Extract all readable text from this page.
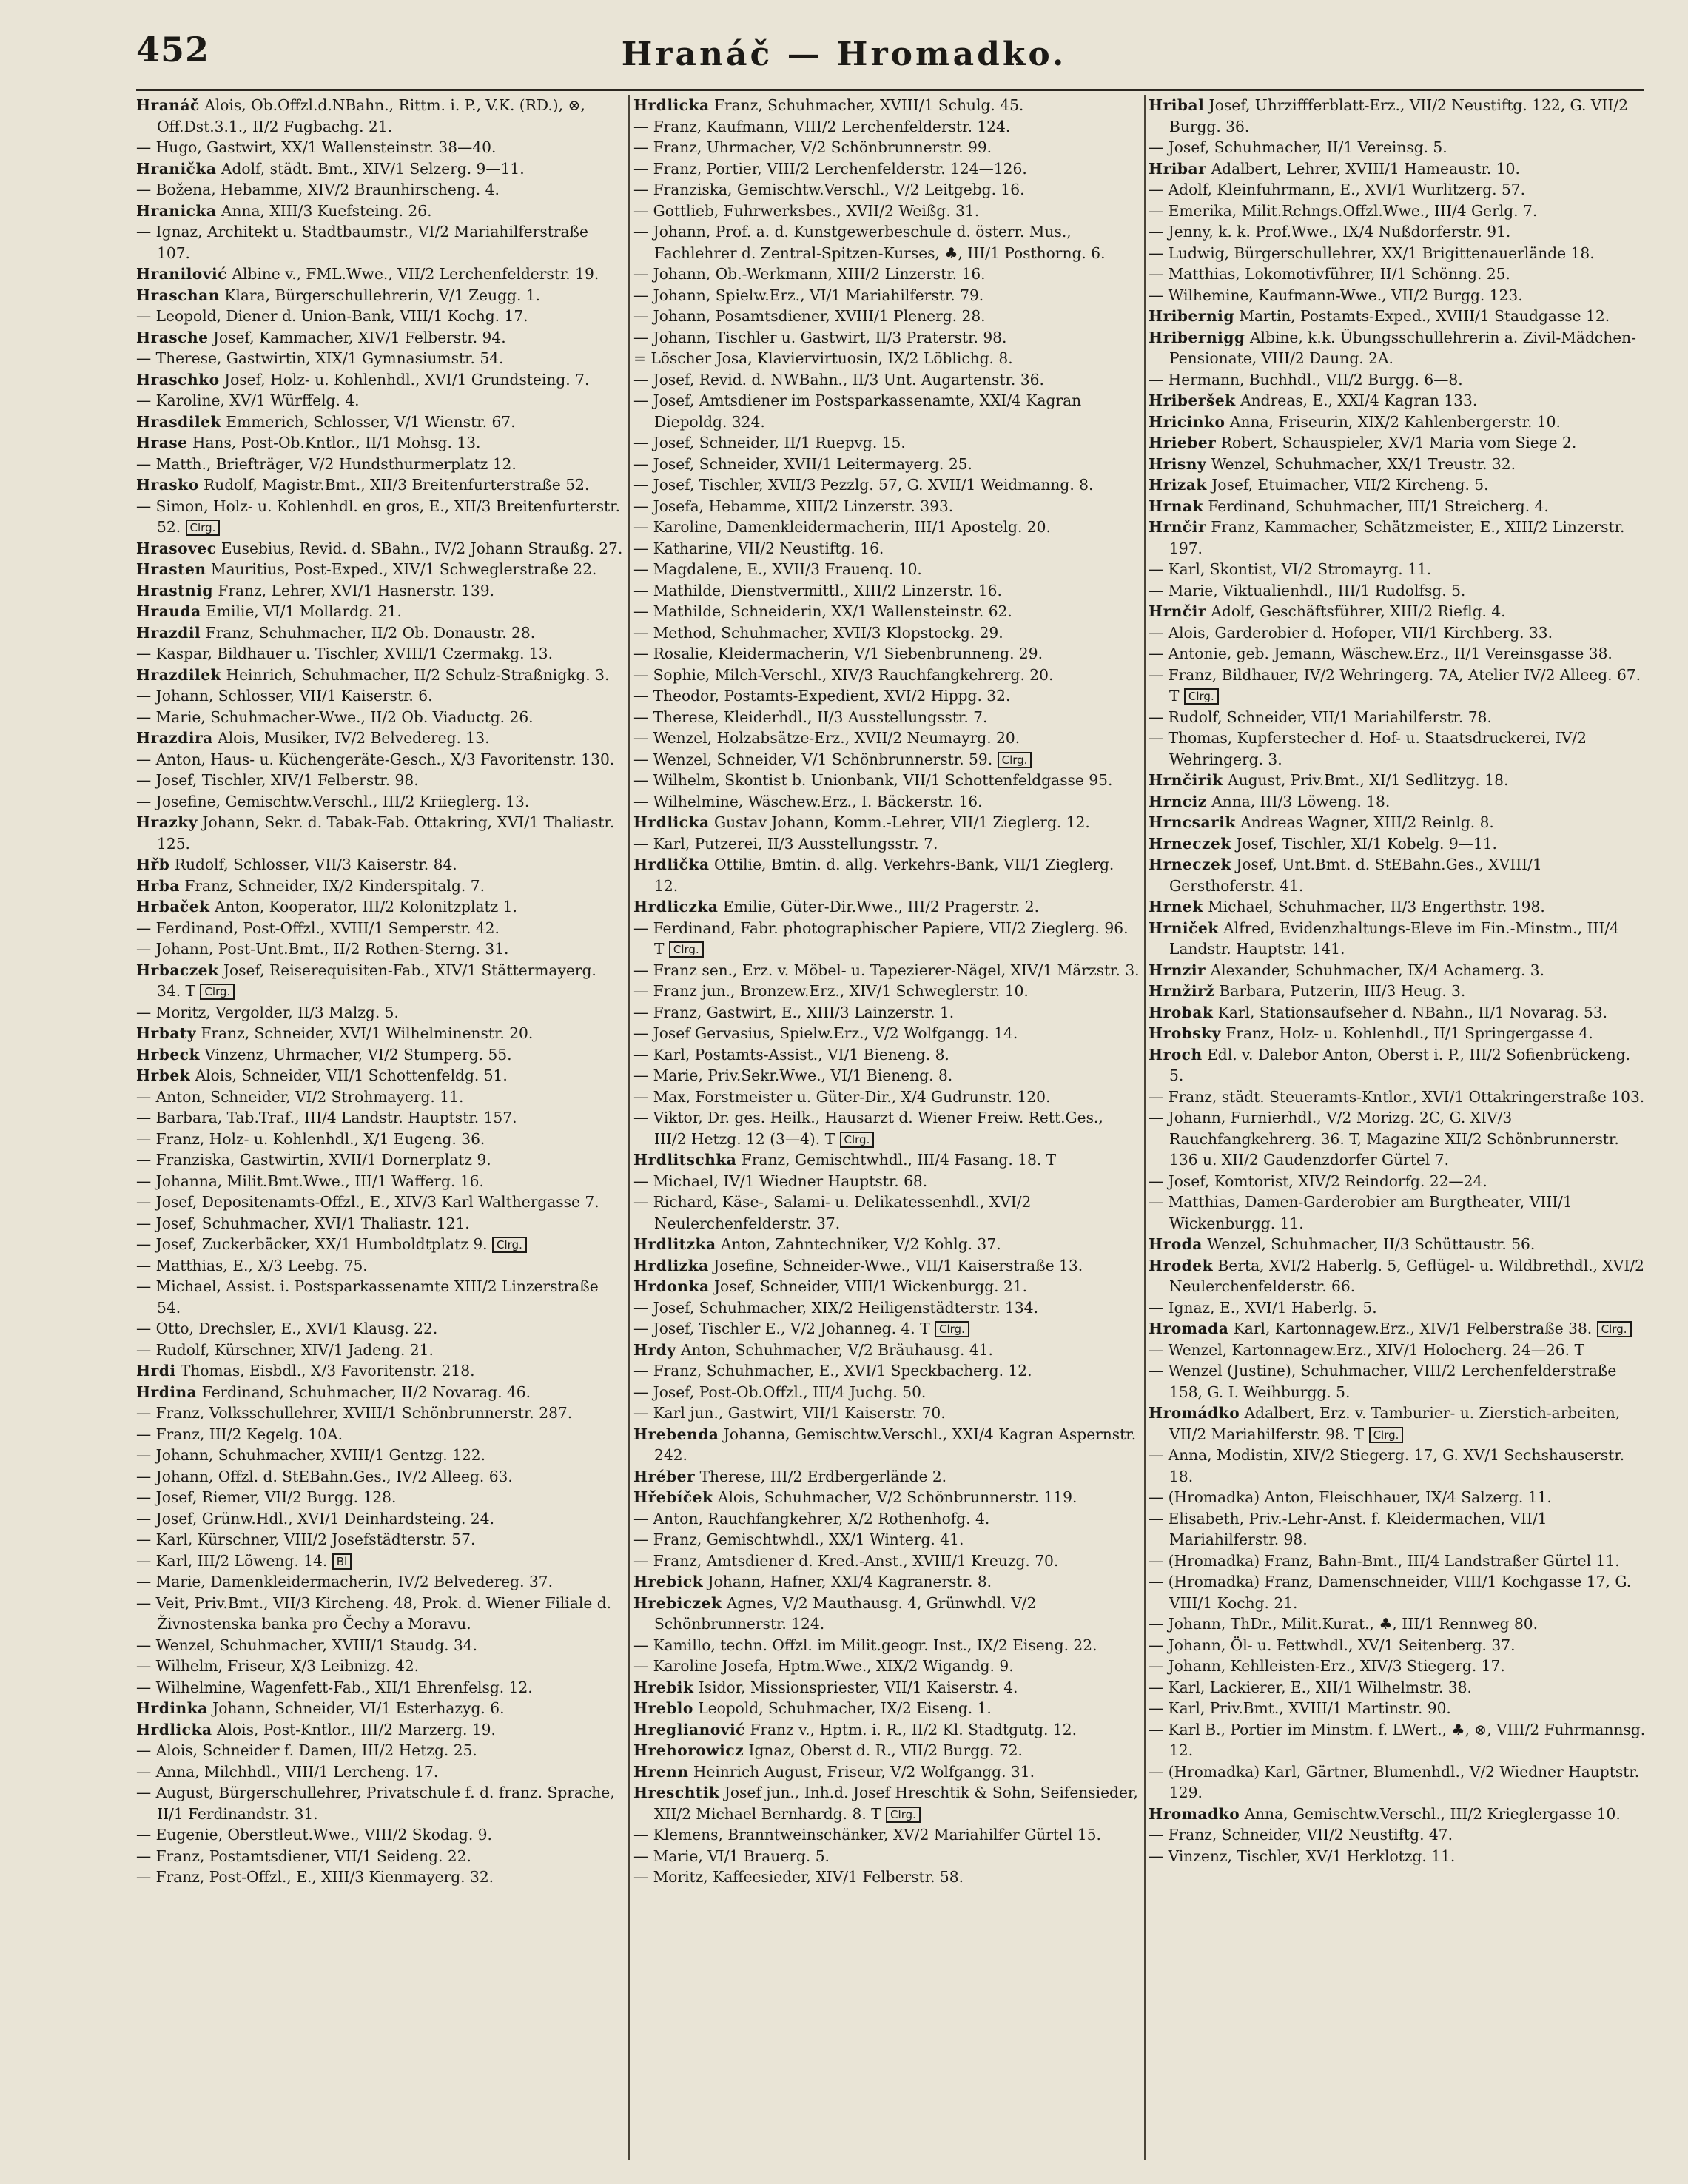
452	Hranáč — Hromadko.
Hranáč Alois, Ob.Offzl.d.NBahn., Rittm. i. P., V.K. (RD.), ⊗, Off.Dst.3.1., II/2 Fugbachg. 21.
— Hugo, Gastwirt, XX/1 Wallensteinstr. 38—40.
Hranička Adolf, städt. Bmt., XIV/1 Selzerg. 9—11.
— Božena, Hebamme, XIV/2 Braunhirscheng. 4.
Hranicka Anna, XIII/3 Kuefsteing. 26.
— Ignaz, Architekt u. Stadtbaumstr., VI/2 Mariahilferstraße 107.
Hranilović Albine v., FML.Wwe., VII/2 Lerchenfelderstr. 19.
Hraschan Klara, Bürgerschullehrerin, V/1 Zeugg. 1.
— Leopold, Diener d. Union-Bank, VIII/1 Kochg. 17.
Hrasche Josef, Kammacher, XIV/1 Felberstr. 94.
— Therese, Gastwirtin, XIX/1 Gymnasiumstr. 54.
Hraschko Josef, Holz- u. Kohlenhdl., XVI/1 Grundsteing. 7.
— Karoline, XV/1 Würffelg. 4.
Hrasdilek Emmerich, Schlosser, V/1 Wienstr. 67.
Hrase Hans, Post-Ob.Kntlor., II/1 Mohsg. 13.
— Matth., Briefträger, V/2 Hundsthurmerplatz 12.
Hrasko Rudolf, Magistr.Bmt., XII/3 Breitenfurterstraße 52.
— Simon, Holz- u. Kohlenhdl. en gros, E., XII/3 Breitenfurterstr. 52. Clrg.
Hrasovec Eusebius, Revid. d. SBahn., IV/2 Johann Straußg. 27.
Hrasten Mauritius, Post-Exped., XIV/1 Schweglerstraße 22.
Hrastnig Franz, Lehrer, XVI/1 Hasnerstr. 139.
Hrauda Emilie, VI/1 Mollardg. 21.
Hrazdil Franz, Schuhmacher, II/2 Ob. Donaustr. 28.
— Kaspar, Bildhauer u. Tischler, XVIII/1 Czermakg. 13.
Hrazdilek Heinrich, Schuhmacher, II/2 Schulz-Straßnigkg. 3.
— Johann, Schlosser, VII/1 Kaiserstr. 6.
— Marie, Schuhmacher-Wwe., II/2 Ob. Viaductg. 26.
Hrazdira Alois, Musiker, IV/2 Belvedereg. 13.
— Anton, Haus- u. Küchengeräte-Gesch., X/3 Favoritenstr. 130.
— Josef, Tischler, XIV/1 Felberstr. 98.
— Josefine, Gemischtw.Verschl., III/2 Kriieglerg. 13.
Hrazky Johann, Sekr. d. Tabak-Fab. Ottakring, XVI/1 Thaliastr. 125.
Hřb Rudolf, Schlosser, VII/3 Kaiserstr. 84.
Hrba Franz, Schneider, IX/2 Kinderspitalg. 7.
Hrbaček Anton, Kooperator, III/2 Kolonitzplatz 1.
— Ferdinand, Post-Offzl., XVIII/1 Semperstr. 42.
— Johann, Post-Unt.Bmt., II/2 Rothen-Sterng. 31.
Hrbaczek Josef, Reiserequisiten-Fab., XIV/1 Stättermayerg. 34. T Clrg.
— Moritz, Vergolder, II/3 Malzg. 5.
Hrbaty Franz, Schneider, XVI/1 Wilhelminenstr. 20.
Hrbeck Vinzenz, Uhrmacher, VI/2 Stumperg. 55.
Hrbek Alois, Schneider, VII/1 Schottenfeldg. 51.
— Anton, Schneider, VI/2 Strohmayerg. 11.
— Barbara, Tab.Traf., III/4 Landstr. Hauptstr. 157.
— Franz, Holz- u. Kohlenhdl., X/1 Eugeng. 36.
— Franziska, Gastwirtin, XVII/1 Dornerplatz 9.
— Johanna, Milit.Bmt.Wwe., III/1 Wafferg. 16.
— Josef, Depositenamts-Offzl., E., XIV/3 Karl Walthergasse 7.
— Josef, Schuhmacher, XVI/1 Thaliastr. 121.
— Josef, Zuckerbäcker, XX/1 Humboldtplatz 9. Clrg.
— Matthias, E., X/3 Leebg. 75.
— Michael, Assist. i. Postsparkassenamte XIII/2 Linzerstraße 54.
— Otto, Drechsler, E., XVI/1 Klausg. 22.
— Rudolf, Kürschner, XIV/1 Jadeng. 21.
Hrdi Thomas, Eisbdl., X/3 Favoritenstr. 218.
Hrdina Ferdinand, Schuhmacher, II/2 Novarag. 46.
— Franz, Volksschullehrer, XVIII/1 Schönbrunnerstr. 287.
— Franz, III/2 Kegelg. 10A.
— Johann, Schuhmacher, XVIII/1 Gentzg. 122.
— Johann, Offzl. d. StEBahn.Ges., IV/2 Alleeg. 63.
— Josef, Riemer, VII/2 Burgg. 128.
— Josef, Grünw.Hdl., XVI/1 Deinhardsteing. 24.
— Karl, Kürschner, VIII/2 Josefstädterstr. 57.
— Karl, III/2 Löweng. 14. Bl
— Marie, Damenkleidermacherin, IV/2 Belvedereg. 37.
— Veit, Priv.Bmt., VII/3 Kircheng. 48, Prok. d. Wiener Filiale d. Živnostenska banka pro Čechy a Moravu.
— Wenzel, Schuhmacher, XVIII/1 Staudg. 34.
— Wilhelm, Friseur, X/3 Leibnizg. 42.
— Wilhelmine, Wagenfett-Fab., XII/1 Ehrenfelsg. 12.
Hrdinka Johann, Schneider, VI/1 Esterhazyg. 6.
Hrdlicka Alois, Post-Kntlor., III/2 Marzerg. 19.
— Alois, Schneider f. Damen, III/2 Hetzg. 25.
— Anna, Milchhdl., VIII/1 Lercheng. 17.
— August, Bürgerschullehrer, Privatschule f. d. franz. Sprache, II/1 Ferdinandstr. 31.
— Eugenie, Oberstleut.Wwe., VIII/2 Skodag. 9.
— Franz, Postamtsdiener, VII/1 Seideng. 22.
— Franz, Post-Offzl., E., XIII/3 Kienmayerg. 32.
Hrdlicka Franz, Schuhmacher, XVIII/1 Schulg. 45.
— Franz, Kaufmann, VIII/2 Lerchenfelderstr. 124.
— Franz, Uhrmacher, V/2 Schönbrunnerstr. 99.
— Franz, Portier, VIII/2 Lerchenfelderstr. 124—126.
— Franziska, Gemischtw.Verschl., V/2 Leitgebg. 16.
— Gottlieb, Fuhrwerksbes., XVII/2 Weißg. 31.
— Johann, Prof. a. d. Kunstgewerbeschule d. österr. Mus., Fachlehrer d. Zentral-Spitzen-Kurses, ♣, III/1 Posthorng. 6.
— Johann, Ob.-Werkmann, XIII/2 Linzerstr. 16.
— Johann, Spielw.Erz., VI/1 Mariahilferstr. 79.
— Johann, Posamtsdiener, XVIII/1 Plenerg. 28.
— Johann, Tischler u. Gastwirt, II/3 Praterstr. 98.
= Löscher Josa, Klaviervirtuosin, IX/2 Löblichg. 8.
— Josef, Revid. d. NWBahn., II/3 Unt. Augartenstr. 36.
— Josef, Amtsdiener im Postsparkassenamte, XXI/4 Kagran Diepoldg. 324.
— Josef, Schneider, II/1 Ruepvg. 15.
— Josef, Schneider, XVII/1 Leitermayerg. 25.
— Josef, Tischler, XVII/3 Pezzlg. 57, G. XVII/1 Weidmanng. 8.
— Josefa, Hebamme, XIII/2 Linzerstr. 393.
— Karoline, Damenkleidermacherin, III/1 Apostelg. 20.
— Katharine, VII/2 Neustiftg. 16.
— Magdalene, E., XVII/3 Frauenq. 10.
— Mathilde, Dienstvermittl., XIII/2 Linzerstr. 16.
— Mathilde, Schneiderin, XX/1 Wallensteinstr. 62.
— Method, Schuhmacher, XVII/3 Klopstockg. 29.
— Rosalie, Kleidermacherin, V/1 Siebenbrunneng. 29.
— Sophie, Milch-Verschl., XIV/3 Rauchfangkehrerg. 20.
— Theodor, Postamts-Expedient, XVI/2 Hippg. 32.
— Therese, Kleiderhdl., II/3 Ausstellungsstr. 7.
— Wenzel, Holzabsätze-Erz., XVII/2 Neumayrg. 20.
— Wenzel, Schneider, V/1 Schönbrunnerstr. 59. Clrg.
— Wilhelm, Skontist b. Unionbank, VII/1 Schottenfeldgasse 95.
— Wilhelmine, Wäschew.Erz., I. Bäckerstr. 16.
Hrdlicka Gustav Johann, Komm.-Lehrer, VII/1 Zieglerg. 12.
— Karl, Putzerei, II/3 Ausstellungsstr. 7.
Hrdlička Ottilie, Bmtin. d. allg. Verkehrs-Bank, VII/1 Zieglerg. 12.
Hrdliczka Emilie, Güter-Dir.Wwe., III/2 Pragerstr. 2.
— Ferdinand, Fabr. photographischer Papiere, VII/2 Zieglerg. 96. T Clrg.
— Franz sen., Erz. v. Möbel- u. Tapezierer-Nägel, XIV/1 Märzstr. 3.
— Franz jun., Bronzew.Erz., XIV/1 Schweglerstr. 10.
— Franz, Gastwirt, E., XIII/3 Lainzerstr. 1.
— Josef Gervasius, Spielw.Erz., V/2 Wolfgangg. 14.
— Karl, Postamts-Assist., VI/1 Bieneng. 8.
— Marie, Priv.Sekr.Wwe., VI/1 Bieneng. 8.
— Max, Forstmeister u. Güter-Dir., X/4 Gudrunstr. 120.
— Viktor, Dr. ges. Heilk., Hausarzt d. Wiener Freiw. Rett.Ges., III/2 Hetzg. 12 (3—4). T Clrg.
Hrdlitschka Franz, Gemischtwhdl., III/4 Fasang. 18. T
— Michael, IV/1 Wiedner Hauptstr. 68.
— Richard, Käse-, Salami- u. Delikatessenhdl., XVI/2 Neulerchenfelderstr. 37.
Hrdlitzka Anton, Zahntechniker, V/2 Kohlg. 37.
Hrdlizka Josefine, Schneider-Wwe., VII/1 Kaiserstraße 13.
Hrdonka Josef, Schneider, VIII/1 Wickenburgg. 21.
— Josef, Schuhmacher, XIX/2 Heiligenstädterstr. 134.
— Josef, Tischler E., V/2 Johanneg. 4. T Clrg.
Hrdy Anton, Schuhmacher, V/2 Bräuhausg. 41.
— Franz, Schuhmacher, E., XVI/1 Speckbacherg. 12.
— Josef, Post-Ob.Offzl., III/4 Juchg. 50.
— Karl jun., Gastwirt, VII/1 Kaiserstr. 70.
Hrebenda Johanna, Gemischtw.Verschl., XXI/4 Kagran Aspernstr. 242.
Hréber Therese, III/2 Erdbergerlände 2.
Hřebíček Alois, Schuhmacher, V/2 Schönbrunnerstr. 119.
— Anton, Rauchfangkehrer, X/2 Rothenhofg. 4.
— Franz, Gemischtwhdl., XX/1 Winterg. 41.
— Franz, Amtsdiener d. Kred.-Anst., XVIII/1 Kreuzg. 70.
Hrebick Johann, Hafner, XXI/4 Kagranerstr. 8.
Hrebiczek Agnes, V/2 Mauthausg. 4, Grünwhdl. V/2 Schönbrunnerstr. 124.
— Kamillo, techn. Offzl. im Milit.geogr. Inst., IX/2 Eiseng. 22.
— Karoline Josefa, Hptm.Wwe., XIX/2 Wigandg. 9.
Hrebik Isidor, Missionspriester, VII/1 Kaiserstr. 4.
Hreblo Leopold, Schuhmacher, IX/2 Eiseng. 1.
Hreglianović Franz v., Hptm. i. R., II/2 Kl. Stadtgutg. 12.
Hrehorowicz Ignaz, Oberst d. R., VII/2 Burgg. 72.
Hrenn Heinrich August, Friseur, V/2 Wolfgangg. 31.
Hreschtik Josef jun., Inh.d. Josef Hreschtik & Sohn, Seifensieder, XII/2 Michael Bernhardg. 8. T Clrg.
— Klemens, Branntweinschänker, XV/2 Mariahilfer Gürtel 15.
— Marie, VI/1 Brauerg. 5.
— Moritz, Kaffeesieder, XIV/1 Felberstr. 58.
Hribal Josef, Uhrziffferblatt-Erz., VII/2 Neustiftg. 122, G. VII/2 Burgg. 36.
— Josef, Schuhmacher, II/1 Vereinsg. 5.
Hribar Adalbert, Lehrer, XVIII/1 Hameaustr. 10.
— Adolf, Kleinfuhrmann, E., XVI/1 Wurlitzerg. 57.
— Emerika, Milit.Rchngs.Offzl.Wwe., III/4 Gerlg. 7.
— Jenny, k. k. Prof.Wwe., IX/4 Nußdorferstr. 91.
— Ludwig, Bürgerschullehrer, XX/1 Brigittenauerlände 18.
— Matthias, Lokomotivführer, II/1 Schönng. 25.
— Wilhemine, Kaufmann-Wwe., VII/2 Burgg. 123.
Hribernig Martin, Postamts-Exped., XVIII/1 Staudgasse 12.
Hribernigg Albine, k.k. Übungsschullehrerin a. Zivil-Mädchen-Pensionate, VIII/2 Daung. 2A.
— Hermann, Buchhdl., VII/2 Burgg. 6—8.
Hriberšek Andreas, E., XXI/4 Kagran 133.
Hricinko Anna, Friseurin, XIX/2 Kahlenbergerstr. 10.
Hrieber Robert, Schauspieler, XV/1 Maria vom Siege 2.
Hrisny Wenzel, Schuhmacher, XX/1 Treustr. 32.
Hrizak Josef, Etuimacher, VII/2 Kircheng. 5.
Hrnak Ferdinand, Schuhmacher, III/1 Streicherg. 4.
Hrnčir Franz, Kammacher, Schätzmeister, E., XIII/2 Linzerstr. 197.
— Karl, Skontist, VI/2 Stromayrg. 11.
— Marie, Viktualienhdl., III/1 Rudolfsg. 5.
Hrnčir Adolf, Geschäftsführer, XIII/2 Rieflg. 4.
— Alois, Garderobier d. Hofoper, VII/1 Kirchberg. 33.
— Antonie, geb. Jemann, Wäschew.Erz., II/1 Vereinsgasse 38.
— Franz, Bildhauer, IV/2 Wehringerg. 7A, Atelier IV/2 Alleeg. 67. T Clrg.
— Rudolf, Schneider, VII/1 Mariahilferstr. 78.
— Thomas, Kupferstecher d. Hof- u. Staatsdruckerei, IV/2 Wehringerg. 3.
Hrnčirik August, Priv.Bmt., XI/1 Sedlitzyg. 18.
Hrnciz Anna, III/3 Löweng. 18.
Hrncsarik Andreas Wagner, XIII/2 Reinlg. 8.
Hrneczek Josef, Tischler, XI/1 Kobelg. 9—11.
Hrneczek Josef, Unt.Bmt. d. StEBahn.Ges., XVIII/1 Gersthoferstr. 41.
Hrnek Michael, Schuhmacher, II/3 Engerthstr. 198.
Hrniček Alfred, Evidenzhaltungs-Eleve im Fin.-Minstm., III/4 Landstr. Hauptstr. 141.
Hrnzir Alexander, Schuhmacher, IX/4 Achamerg. 3.
Hrnžirž Barbara, Putzerin, III/3 Heug. 3.
Hrobak Karl, Stationsaufseher d. NBahn., II/1 Novarag. 53.
Hrobsky Franz, Holz- u. Kohlenhdl., II/1 Springergasse 4.
Hroch Edl. v. Dalebor Anton, Oberst i. P., III/2 Sofienbrückeng. 5.
— Franz, städt. Steueramts-Kntlor., XVI/1 Ottakringerstraße 103.
— Johann, Furnierhdl., V/2 Morizg. 2C, G. XIV/3 Rauchfangkehrerg. 36. T, Magazine XII/2 Schönbrunnerstr. 136 u. XII/2 Gaudenzdorfer Gürtel 7.
— Josef, Komtorist, XIV/2 Reindorfg. 22—24.
— Matthias, Damen-Garderobier am Burgtheater, VIII/1 Wickenburgg. 11.
Hroda Wenzel, Schuhmacher, II/3 Schüttaustr. 56.
Hrodek Berta, XVI/2 Haberlg. 5, Geflügel- u. Wildbrethdl., XVI/2 Neulerchenfelderstr. 66.
— Ignaz, E., XVI/1 Haberlg. 5.
Hromada Karl, Kartonnagew.Erz., XIV/1 Felberstraße 38. Clrg.
— Wenzel, Kartonnagew.Erz., XIV/1 Holocherg. 24—26. T
— Wenzel (Justine), Schuhmacher, VIII/2 Lerchenfelderstraße 158, G. I. Weihburgg. 5.
Hromádko Adalbert, Erz. v. Tamburier- u. Zierstich-arbeiten, VII/2 Mariahilferstr. 98. T Clrg.
— Anna, Modistin, XIV/2 Stiegerg. 17, G. XV/1 Sechshauserstr. 18.
— (Hromadka) Anton, Fleischhauer, IX/4 Salzerg. 11.
— Elisabeth, Priv.-Lehr-Anst. f. Kleidermachen, VII/1 Mariahilferstr. 98.
— (Hromadka) Franz, Bahn-Bmt., III/4 Landstraßer Gürtel 11.
— (Hromadka) Franz, Damenschneider, VIII/1 Kochgasse 17, G. VIII/1 Kochg. 21.
— Johann, ThDr., Milit.Kurat., ♣, III/1 Rennweg 80.
— Johann, Öl- u. Fettwhdl., XV/1 Seitenberg. 37.
— Johann, Kehlleisten-Erz., XIV/3 Stiegerg. 17.
— Karl, Lackierer, E., XII/1 Wilhelmstr. 38.
— Karl, Priv.Bmt., XVIII/1 Martinstr. 90.
— Karl B., Portier im Minstm. f. LWert., ♣, ⊗, VIII/2 Fuhrmannsg. 12.
— (Hromadka) Karl, Gärtner, Blumenhdl., V/2 Wiedner Hauptstr. 129.
Hromadko Anna, Gemischtw.Verschl., III/2 Krieglergasse 10.
— Franz, Schneider, VII/2 Neustiftg. 47.
— Vinzenz, Tischler, XV/1 Herklotzg. 11.
